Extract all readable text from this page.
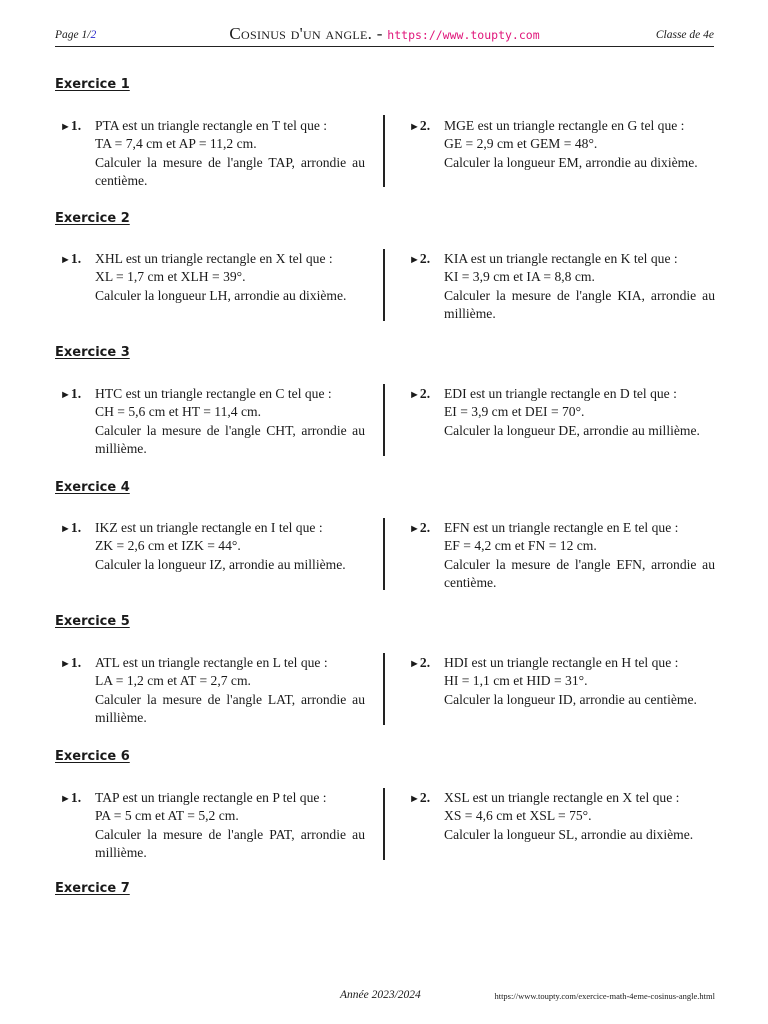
Page 1/2	Cosinus d'un angle. - https://www.toupty.com	Classe de 4e
Exercice 1
►1. PTA est un triangle rectangle en T tel que :
TA = 7,4 cm et AP = 11,2 cm.
Calculer la mesure de l'angle TAP, arrondie au centième.
►2. MGE est un triangle rectangle en G tel que :
GE = 2,9 cm et GEM = 48°.
Calculer la longueur EM, arrondie au dixième.
Exercice 2
►1. XHL est un triangle rectangle en X tel que :
XL = 1,7 cm et XLH = 39°.
Calculer la longueur LH, arrondie au dixième.
►2. KIA est un triangle rectangle en K tel que :
KI = 3,9 cm et IA = 8,8 cm.
Calculer la mesure de l'angle KIA, arrondie au millième.
Exercice 3
►1. HTC est un triangle rectangle en C tel que :
CH = 5,6 cm et HT = 11,4 cm.
Calculer la mesure de l'angle CHT, arrondie au millième.
►2. EDI est un triangle rectangle en D tel que :
EI = 3,9 cm et DEI = 70°.
Calculer la longueur DE, arrondie au millième.
Exercice 4
►1. IKZ est un triangle rectangle en I tel que :
ZK = 2,6 cm et IZK = 44°.
Calculer la longueur IZ, arrondie au millième.
►2. EFN est un triangle rectangle en E tel que :
EF = 4,2 cm et FN = 12 cm.
Calculer la mesure de l'angle EFN, arrondie au centième.
Exercice 5
►1. ATL est un triangle rectangle en L tel que :
LA = 1,2 cm et AT = 2,7 cm.
Calculer la mesure de l'angle LAT, arrondie au millième.
►2. HDI est un triangle rectangle en H tel que :
HI = 1,1 cm et HID = 31°.
Calculer la longueur ID, arrondie au centième.
Exercice 6
►1. TAP est un triangle rectangle en P tel que :
PA = 5 cm et AT = 5,2 cm.
Calculer la mesure de l'angle PAT, arrondie au millième.
►2. XSL est un triangle rectangle en X tel que :
XS = 4,6 cm et XSL = 75°.
Calculer la longueur SL, arrondie au dixième.
Exercice 7
Année 2023/2024	https://www.toupty.com/exercice-math-4eme-cosinus-angle.html
